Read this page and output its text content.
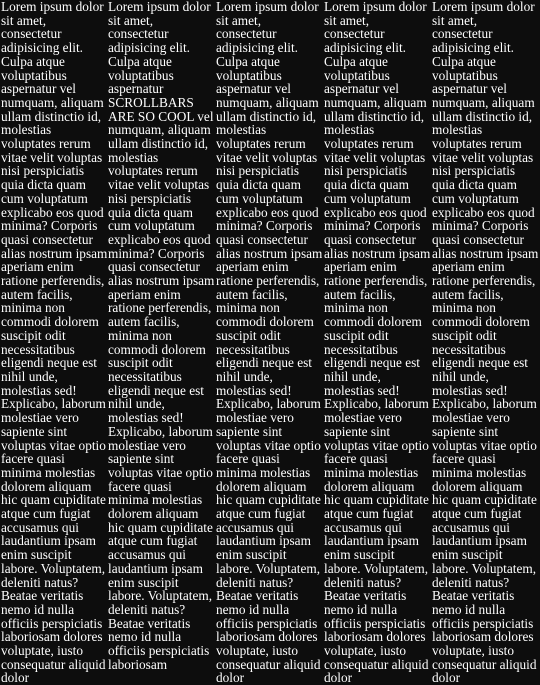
Lorem ipsum dolor sit amet, consectetur adipisicing elit. Culpa atque voluptatibus aspernatur vel numquam, aliquam ullam distinctio id, molestias voluptates rerum vitae velit voluptas nisi perspiciatis quia dicta quam cum voluptatum explicabo eos quod minima? Corporis quasi consectetur alias nostrum ipsam aperiam enim ratione perferendis, autem facilis, minima non commodi dolorem suscipit odit necessitatibus eligendi neque est nihil unde, molestias sed! Explicabo, laborum molestiae vero sapiente sint voluptas vitae optio facere quasi minima molestias dolorem aliquam hic quam cupiditate atque cum fugiat accusamus qui laudantium ipsam enim suscipit labore. Voluptatem, deleniti natus? Beatae veritatis nemo id nulla officiis perspiciatis laboriosam dolores voluptate, iusto consequatur aliquid dolor

Lorem ipsum dolor sit amet, consectetur adipisicing elit. Culpa atque voluptatibus aspernatur SCROLLBARS ARE SO COOL vel numquam, aliquam ullam distinctio id, molestias voluptates rerum vitae velit voluptas nisi perspiciatis quia dicta quam cum voluptatum explicabo eos quod minima? Corporis quasi consectetur alias nostrum ipsam aperiam enim ratione perferendis, autem facilis, minima non commodi dolorem suscipit odit necessitatibus eligendi neque est nihil unde, molestias sed! Explicabo, laborum molestiae vero sapiente sint voluptas vitae optio facere quasi minima molestias dolorem aliquam hic quam cupiditate atque cum fugiat accusamus qui laudantium ipsam enim suscipit labore. Voluptatem, deleniti natus? Beatae veritatis nemo id nulla officiis perspiciatis laboriosam

Lorem ipsum dolor sit amet, consectetur adipisicing elit. Culpa atque voluptatibus aspernatur vel numquam, aliquam ullam distinctio id, molestias voluptates rerum vitae velit voluptas nisi perspiciatis quia dicta quam cum voluptatum explicabo eos quod minima? Corporis quasi consectetur alias nostrum ipsam aperiam enim ratione perferendis, autem facilis, minima non commodi dolorem suscipit odit necessitatibus eligendi neque est nihil unde, molestias sed! Explicabo, laborum molestiae vero sapiente sint voluptas vitae optio facere quasi minima molestias dolorem aliquam hic quam cupiditate atque cum fugiat accusamus qui laudantium ipsam enim suscipit labore. Voluptatem, deleniti natus? Beatae veritatis nemo id nulla officiis perspiciatis laboriosam dolores voluptate, iusto consequatur aliquid dolor

Lorem ipsum dolor sit amet, consectetur adipisicing elit. Culpa atque voluptatibus aspernatur vel numquam, aliquam ullam distinctio id, molestias voluptates rerum vitae velit voluptas nisi perspiciatis quia dicta quam cum voluptatum explicabo eos quod minima? Corporis quasi consectetur alias nostrum ipsam aperiam enim ratione perferendis, autem facilis, minima non commodi dolorem suscipit odit necessitatibus eligendi neque est nihil unde, molestias sed! Explicabo, laborum molestiae vero sapiente sint voluptas vitae optio facere quasi minima molestias dolorem aliquam hic quam cupiditate atque cum fugiat accusamus qui laudantium ipsam enim suscipit labore. Voluptatem, deleniti natus? Beatae veritatis nemo id nulla officiis perspiciatis laboriosam dolores voluptate, iusto consequatur aliquid dolor

Lorem ipsum dolor sit amet, consectetur adipisicing elit. Culpa atque voluptatibus aspernatur vel numquam, aliquam ullam distinctio id, molestias voluptates rerum vitae velit voluptas nisi perspiciatis quia dicta quam cum voluptatum explicabo eos quod minima? Corporis quasi consectetur alias nostrum ipsam aperiam enim ratione perferendis, autem facilis, minima non commodi dolorem suscipit odit necessitatibus eligendi neque est nihil unde, molestias sed! Explicabo, laborum molestiae vero sapiente sint voluptas vitae optio facere quasi minima molestias dolorem aliquam hic quam cupiditate atque cum fugiat accusamus qui laudantium ipsam enim suscipit labore. Voluptatem, deleniti natus? Beatae veritatis nemo id nulla officiis perspiciatis laboriosam dolores voluptate, iusto consequatur aliquid dolor
